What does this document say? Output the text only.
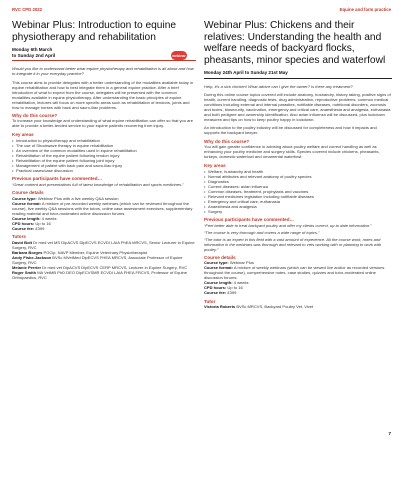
RVC CPD 2022	Equine and farm practice
Webinar Plus: Introduction to equine physiotherapy and rehabilitation
Monday 6th March
to Sunday 2nd April
Would you like to understand better what equine physiotherapy and rehabilitation is all about and how to integrate it in your everyday practice?
This course aims to provide delegates with a better understanding of the modalities available today in equine rehabilitation and how to best integrate them in a general equine practice. After a brief introduction of what to expect from the course, delegates will be presented with the common modalities available in equine physiotherapy. After understanding the basic principles of equine rehabilitation, lectures will focus on more specific areas such as rehabilitation of tendons, joints and how to manage horses with back and sacro-iliac problems.
Why do this course?
To increase your knowledge and understanding of what equine rehabilitation can offer so that you are able to provide a better-tended service to your equine patients recovering from injury.
Key areas
• Introduction to physiotherapy and rehabilitation
• The use of Shockwave therapy in equine rehabilitation
• An overview of the common modalities used in equine rehabilitation
• Rehabilitation of the equine patient following tendon injury
• Rehabilitation of the equine patient following joint injury
• Management of patient with back pain and sacro-iliac injury
• Practical cases/case discussion
Previous participants have commented…
“Great content and presentations full of latest knowledge of rehabilitation and sports medicines.”
Course details
Course type: Webinar Plus with a live weekly Q&A session
Course format: A mixture of pre-recorded weekly webinars (which can be reviewed throughout the course), live weekly Q&A sessions with the tutors, online case assessment exercises, supplementary reading material and tutor-moderated online discussion forums.
Course length: 4 weeks
CPD hours: Up to 16
Course fee: £399
Tutors
David Bolt Dr med vet MS DipACVS DipECVS ECVDI LAIA PhEA MRCVS, Senior Lecturer in Equine Surgery, RVC
Barbara Borges PGCip, NAVP Member, Equine Veterinary Physiotherapist
Andy Fiske-Jackson BVSc MVetMed DipECVS FHEA MRCVS, Associate Professor of Equine Surgery, RVC
Melanie Perrier Dr med vet DipACVS DipECVS CERP MRCVS, Lecturer in Equine Surgery, RVC
Roger Smith MA VetMB PhD DEO DipECVSMR ECVDI LAIA FHEA FRCVS, Professor of Equine Orthopaedics, RVC
webinar
Webinar Plus: Chickens and their relatives: Understanding the health and welfare needs of backyard flocks, pheasants, minor species and waterfowl
Monday 24th April to Sunday 21st May
Help, it’s a sick chicken! What advice can I give the owner? Is there any treatment?
During this online course topics covered will include anatomy, husbandry, history taking, positive signs of health, current handling, diagnostic tests, drug administration, reproductive problems, common medical conditions including external and internal parasites, notifiable diseases, nutritional disorders, zoonosis and toxins, biosecurity, vaccination, emergency and critical care, anaesthesia and analgesia, euthanasia and both pedigree and ownership identification. Also avian influenza will be discussed, plus lockdown measures and tips on how to keep poultry happy in lockdown.
An introduction to the poultry industry will be discussed for completeness and how it impacts and supports the backyard keeper.
Why do this course?
You will gain greater confidence in advising about poultry welfare and correct handling as well as enhancing your poultry medicine and surgery skills. Species covered include chickens, pheasants, turkeys, domestic waterfowl and ornamental waterfowl.
Key areas
• Welfare, husbandry and health
• Normal attributes and relevant anatomy of poultry species
• Diagnostics
• Current diseases: avian influenza
• Common diseases, treatment, prophylaxis and vaccines
• Relevant medicines legislation including notifiable diseases
• Emergency and critical care, euthanasia
• Anaesthesia and analgesia
• Surgery
Previous participants have commented…
“Feel better able to treat backyard poultry and offer my clients correct, up to date information.”
“The course is very thorough and covers a wide range of topics.”
“The tutor is an expert in this field with a vast amount of experience. All the course work, notes and information in the webinars was thorough and relevant to vets working with or planning to work with poultry.”
Course details
Course type: Webinar Plus
Course format: A mixture of weekly webinars (which can be viewed live and/or as recorded versions throughout the course), comprehensive notes, case studies, quizzes and tutor-moderated online discussion forums.
Course length: 4 weeks
CPD hours: Up to 16
Course fee: £399
Tutor
Victoria Roberts BVSc MRCVS, Backyard Poultry Vet, Vivet
7
